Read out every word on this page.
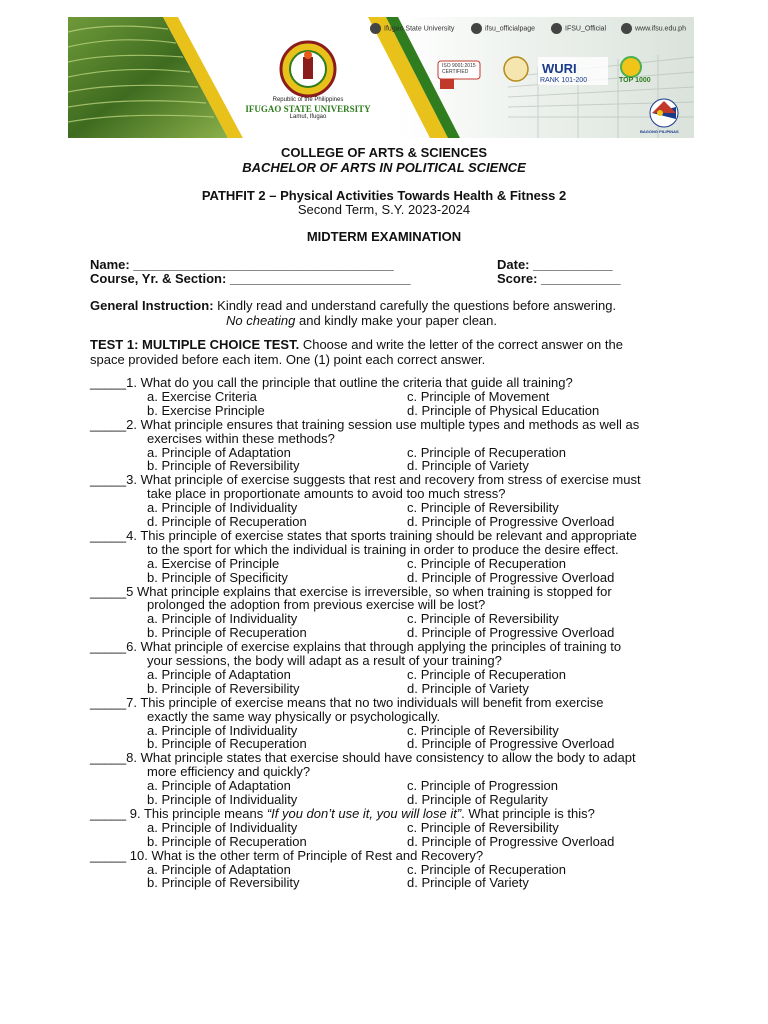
Ifugao State University	ifsu_officialpage	IFSU_Official	www.ifsu.edu.ph
Republic of the Philippines
IFUGAO STATE UNIVERSITY
Lamut, Ifugao
ISO 9001:2015 CERTIFIED	WURI
RANK 101-200	TOP 1000
BAGONG PILIPINAS
COLLEGE OF ARTS & SCIENCES
BACHELOR OF ARTS IN POLITICAL SCIENCE
PATHFIT 2 – Physical Activities Towards Health & Fitness 2
Second Term, S.Y. 2023-2024
MIDTERM EXAMINATION
Name: ____________________________________	Date: ___________
Course, Yr. & Section: _________________________	Score: ___________
General Instruction: Kindly read and understand carefully the questions before answering.
No cheating and kindly make your paper clean.
TEST 1: MULTIPLE CHOICE TEST. Choose and write the letter of the correct answer on the
space provided before each item. One (1) point each correct answer.
_____1. What do you call the principle that outline the criteria that guide all training?
a. Exercise Criteria	c. Principle of Movement
b. Exercise Principle	d. Principle of Physical Education
_____2. What principle ensures that training session use multiple types and methods as well as
exercises within these methods?
a. Principle of Adaptation	c. Principle of Recuperation
b. Principle of Reversibility	d. Principle of Variety
_____3. What principle of exercise suggests that rest and recovery from stress of exercise must
take place in proportionate amounts to avoid too much stress?
a. Principle of Individuality	c. Principle of Reversibility
d. Principle of Recuperation	d. Principle of Progressive Overload
_____4. This principle of exercise states that sports training should be relevant and appropriate
to the sport for which the individual is training in order to produce the desire effect.
a. Exercise of Principle	c. Principle of Recuperation
b. Principle of Specificity	d. Principle of Progressive Overload
_____5 What principle explains that exercise is irreversible, so when training is stopped for
prolonged the adoption from previous exercise will be lost?
a. Principle of Individuality	c. Principle of Reversibility
b. Principle of Recuperation	d. Principle of Progressive Overload
_____6. What principle of exercise explains that through applying the principles of training to
your sessions, the body will adapt as a result of your training?
a. Principle of Adaptation	c. Principle of Recuperation
b. Principle of Reversibility	d. Principle of Variety
_____7. This principle of exercise means that no two individuals will benefit from exercise
exactly the same way physically or psychologically.
a. Principle of Individuality	c. Principle of Reversibility
b. Principle of Recuperation	d. Principle of Progressive Overload
_____8. What principle states that exercise should have consistency to allow the body to adapt
more efficiency and quickly?
a. Principle of Adaptation	c. Principle of Progression
b. Principle of Individuality	d. Principle of Regularity
_____ 9. This principle means “If you don’t use it, you will lose it”. What principle is this?
a. Principle of Individuality	c. Principle of Reversibility
b. Principle of Recuperation	d. Principle of Progressive Overload
_____ 10. What is the other term of Principle of Rest and Recovery?
a. Principle of Adaptation	c. Principle of Recuperation
b. Principle of Reversibility	d. Principle of Variety
